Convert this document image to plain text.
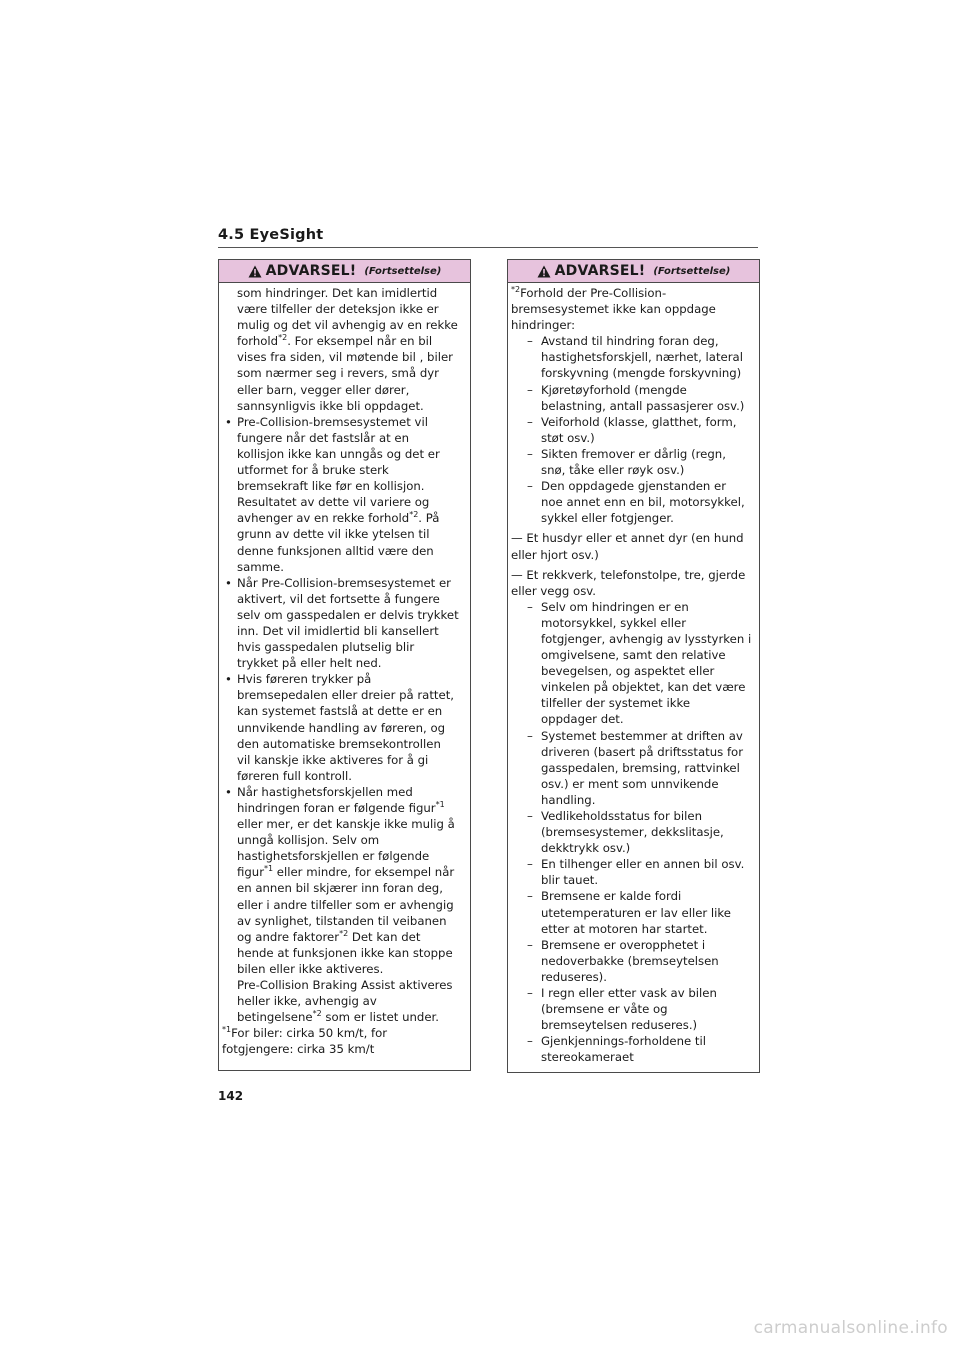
4.5 EyeSight
ADVARSEL! (Fortsettelse)

som hindringer. Det kan imidlertid
være tilfeller der deteksjon ikke er
mulig og det vil avhengig av en rekke
forhold$^{*2}$. For eksempel når en bil
vises fra siden, vil møtende bil , biler
som nærmer seg i revers, små dyr
eller barn, vegger eller dører,
sannsynligvis ikke bli oppdaget.

• Pre-Collision-bremsesystemet vil
fungere når det fastslår at en
kollisjon ikke kan unngås og det er
utformet for å bruke sterk
bremsekraft like før en kollisjon.
Resultatet av dette vil variere og
avhenger av en rekke forhold$^{*2}$. På
grunn av dette vil ikke ytelsen til
denne funksjonen alltid være den
samme.

• Når Pre-Collision-bremsesystemet er
aktivert, vil det fortsette å fungere
selv om gasspedalen er delvis trykket
inn. Det vil imidlertid bli kansellert
hvis gasspedalen plutselig blir
trykket på eller helt ned.

• Hvis føreren trykker på
bremsepedalen eller dreier på rattet,
kan systemet fastslå at dette er en
unnvikende handling av føreren, og
den automatiske bremsekontrollen
vil kanskje ikke aktiveres for å gi
føreren full kontroll.

• Når hastighetsforskjellen med
hindringen foran er følgende figur$^{*1}$
eller mer, er det kanskje ikke mulig å
unngå kollisjon. Selv om
hastighetsforskjellen er følgende
figur$^{*1}$ eller mindre, for eksempel når
en annen bil skjærer inn foran deg,
eller i andre tilfeller som er avhengig
av synlighet, tilstanden til veibanen
og andre faktorer$^{*2}$ Det kan det
hende at funksjonen ikke kan stoppe
bilen eller ikke aktiveres.
Pre-Collision Braking Assist aktiveres
heller ikke, avhengig av
betingelsene$^{*2}$ som er listet under.

$^{*1}$For biler: cirka 50 km/t, for
fotgjengere: cirka 35 km/t

ADVARSEL! (Fortsettelse)

$^{*2}$Forhold der Pre-Collision-
bremsesystemet ikke kan oppdage
hindringer:

– Avstand til hindring foran deg,
hastighetsforskjell, nærhet, lateral
forskyvning (mengde forskyvning)

– Kjøretøyforhold (mengde
belastning, antall passasjerer osv.)

– Veiforhold (klasse, glatthet, form,
støt osv.)

– Sikten fremover er dårlig (regn,
snø, tåke eller røyk osv.)

– Den oppdagede gjenstanden er
noe annet enn en bil, motorsykkel,
sykkel eller fotgjenger.

— Et husdyr eller et annet dyr (en hund
eller hjort osv.)

— Et rekkverk, telefonstolpe, tre, gjerde
eller vegg osv.

– Selv om hindringen er en
motorsykkel, sykkel eller
fotgjenger, avhengig av lysstyrken i
omgivelsene, samt den relative
bevegelsen, og aspektet eller
vinkelen på objektet, kan det være
tilfeller der systemet ikke
oppdager det.

– Systemet bestemmer at driften av
driveren (basert på driftsstatus for
gasspedalen, bremsing, rattvinkel
osv.) er ment som unnvikende
handling.

– Vedlikeholdsstatus for bilen
(bremsesystemer, dekkslitasje,
dekktrykk osv.)

– En tilhenger eller en annen bil osv.
blir tauet.

– Bremsene er kalde fordi
utetemperaturen er lav eller like
etter at motoren har startet.

– Bremsene er overopphetet i
nedoverbakke (bremseytelsen
reduseres).

– I regn eller etter vask av bilen
(bremsene er våte og
bremseytelsen reduseres.)

– Gjenkjennings-forholdene til
stereokameraet

142
carmanualsonline.info
